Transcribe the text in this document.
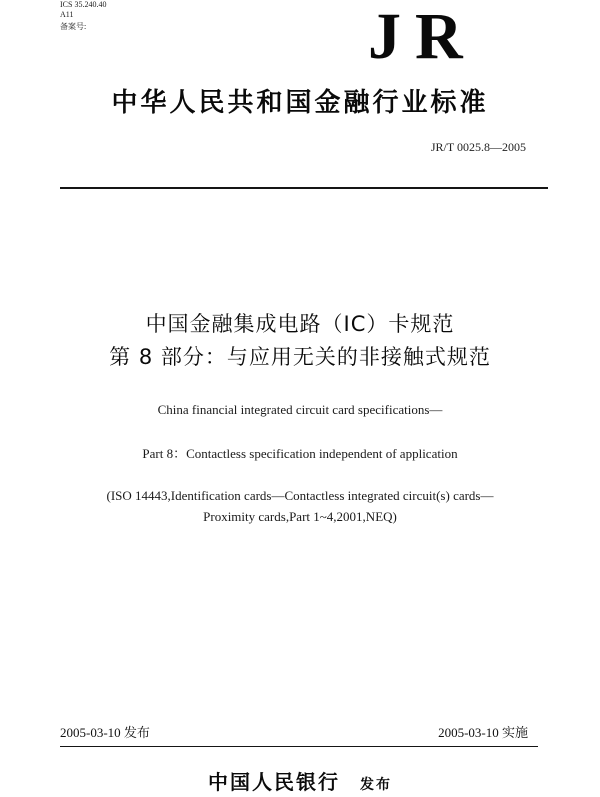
ICS 35.240.40
A11
备案号:	JR
中华人民共和国金融行业标准
JR/T 0025.8—2005
中国金融集成电路（IC）卡规范
第 8 部分：与应用无关的非接触式规范
China financial integrated circuit card specifications—
Part 8：Contactless specification independent of application
(ISO 14443,Identification cards—Contactless integrated circuit(s) cards—
Proximity cards,Part 1~4,2001,NEQ)
2005-03-10 发布	2005-03-10 实施
中国人民银行 发布
